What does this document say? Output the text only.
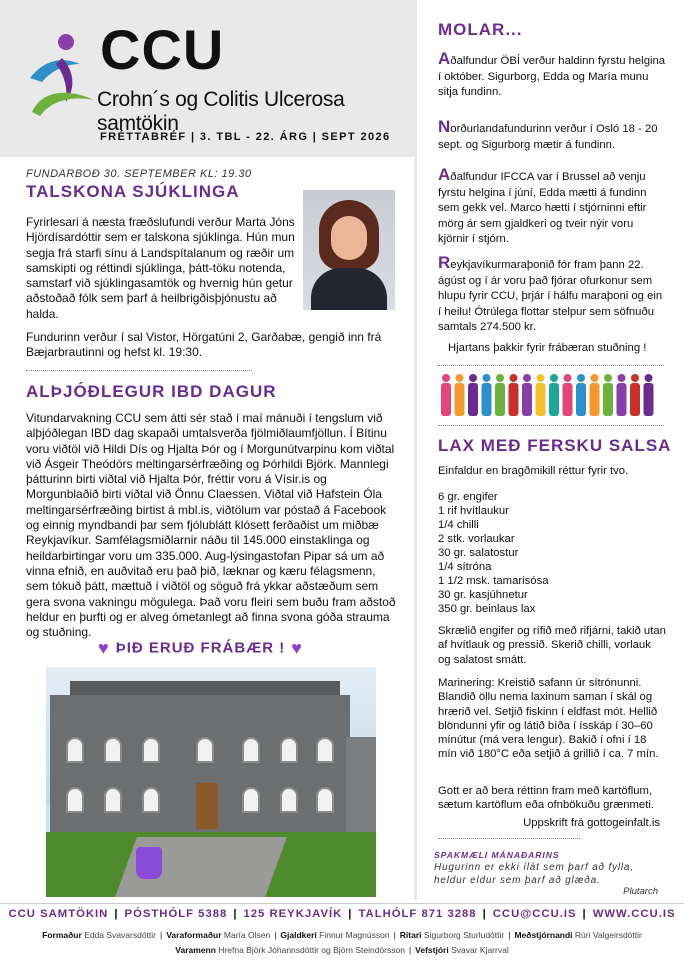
CCU
Crohn´s og Colitis Ulcerosa samtökin
FRÉTTABRÉF | 3. TBL - 22. ÁRG | SEPT 2026
FUNDARBOÐ 30. SEPTEMBER KL: 19.30
TALSKONA SJÚKLINGA
Fyrirlesari á næsta fræðslufundi verður Marta Jóns Hjördísardóttir sem er talskona sjúklinga. Hún mun segja frá starfi sínu á Landspítalanum og ræðir um samskipti og réttindi sjúklinga, þátt-töku notenda, samstarf við sjúklingasamtök og hvernig hún getur aðstoðað fólk sem þarf á heilbrigðisþjónustu að halda.
Fundurinn verður í sal Vistor, Hörgatúni 2, Garðabæ, gengið inn frá Bæjarbrautinni og hefst kl. 19:30.
ALÞJÓÐLEGUR IBD DAGUR
Vitundarvakning CCU sem átti sér stað í maí mánuði í tengslum við alþjóðlegan IBD dag skapaði umtalsverða fjölmiðlaumfjöllun. Í Bítinu voru viðtöl við Hildi Dís og Hjalta Þór og í Morgunútvarpinu kom viðtal við Ásgeir Theódórs meltingarsérfræðing og Þórhildi Björk. Mannlegi þátturinn birti viðtal við Hjalta Þór, fréttir voru á Vísir.is og Morgunblaðið birti viðtal við Önnu Claessen. Viðtal við Hafstein Óla meltingarsérfræðing birtist á mbl.is, viðtölum var póstað á Facebook og einnig myndbandi þar sem fjólublátt klósett ferðaðist um miðbæ Reykjavíkur. Samfélagsmiðlarnir náðu til 145.000 einstaklinga og heildarbirtingar voru um 335.000. Aug-lýsingastofan Pipar sá um að vinna efnið, en auðvitað eru það þið, læknar og kæru félagsmenn, sem tókuð þátt, mættuð í viðtöl og söguð frá ykkar aðstæðum sem gera svona vakningu mögulega. Það voru fleiri sem buðu fram aðstoð heldur en þurfti og er alveg ómetanlegt að finna svona góða strauma og stuðning.
♥ ÞIÐ ERUÐ FRÁBÆR ! ♥
MOLAR...
Aðalfundur ÖBÍ verður haldinn fyrstu helgina í október. Sigurborg, Edda og María munu sitja fundinn.
Norðurlandafundurinn verður í Osló 18 - 20 sept. og Sigurborg mætir á fundinn.
Aðalfundur IFCCA var í Brussel að venju fyrstu helgina í júní, Edda mætti á fundinn sem gekk vel. Marco hætti í stjórninni eftir mörg ár sem gjaldkeri og tveir nýir voru kjörnir í stjórn.
Reykjavíkurmaraþonið fór fram þann 22. ágúst og í ár voru það fjórar ofurkonur sem hlupu fyrir CCU, þrjár í hálfu maraþoni og ein í heilu! Ótrúlega flottar stelpur sem söfnuðu samtals 274.500 kr.
Hjartans þakkir fyrir frábæran stuðning !
LAX MEÐ FERSKU SALSA
Einfaldur en bragðmikill réttur fyrir tvo.
6 gr. engifer
1 rif hvítlaukur
1/4 chilli
2 stk. vorlaukar
30 gr. salatostur
1/4 sítróna
1 1/2 msk. tamarisósa
30 gr. kasjúhnetur
350 gr. beinlaus lax
Skrælið engifer og rífið með rifjárni, takið utan af hvítlauk og pressið. Skerið chilli, vorlauk og salatost smátt.
Marinering: Kreistið safann úr sítrónunni. Blandið öllu nema laxinum saman í skál og hrærið vel. Setjið fiskinn í eldfast mót. Hellið blöndunni yfir og látið bíða í ísskáp í 30–60 mínútur (má vera lengur). Bakið í ofni í 18 mín við 180°C eða setjið á grillið í ca. 7 mín.
Gott er að bera réttinn fram með kartöflum, sætum kartöflum eða ofnbökuðu grænmeti.
Uppskrift frá gottogeinfalt.is
SPAKMÆLI MÁNAÐARINS
Hugurinn er ekki ílát sem þarf að fylla, heldur eldur sem þarf að glæða.
Plutarch
CCU SAMTÖKIN | PÓSTHÓLF 5388 | 125 REYKJAVÍK | TALHÓLF 871 3288 | CCU@CCU.IS | WWW.CCU.IS
Formaður Edda Svavarsdóttir | Varaformaður María Olsen | Gjaldkeri Finnur Magnússon | Ritari Sigurborg Sturludóttir | Meðstjórnandi Rúri Valgeirsdóttir
Varamenn Hrefna Björk Jóhannsdóttir og Björn Steindórsson | Vefstjóri Svavar Kjarrval
